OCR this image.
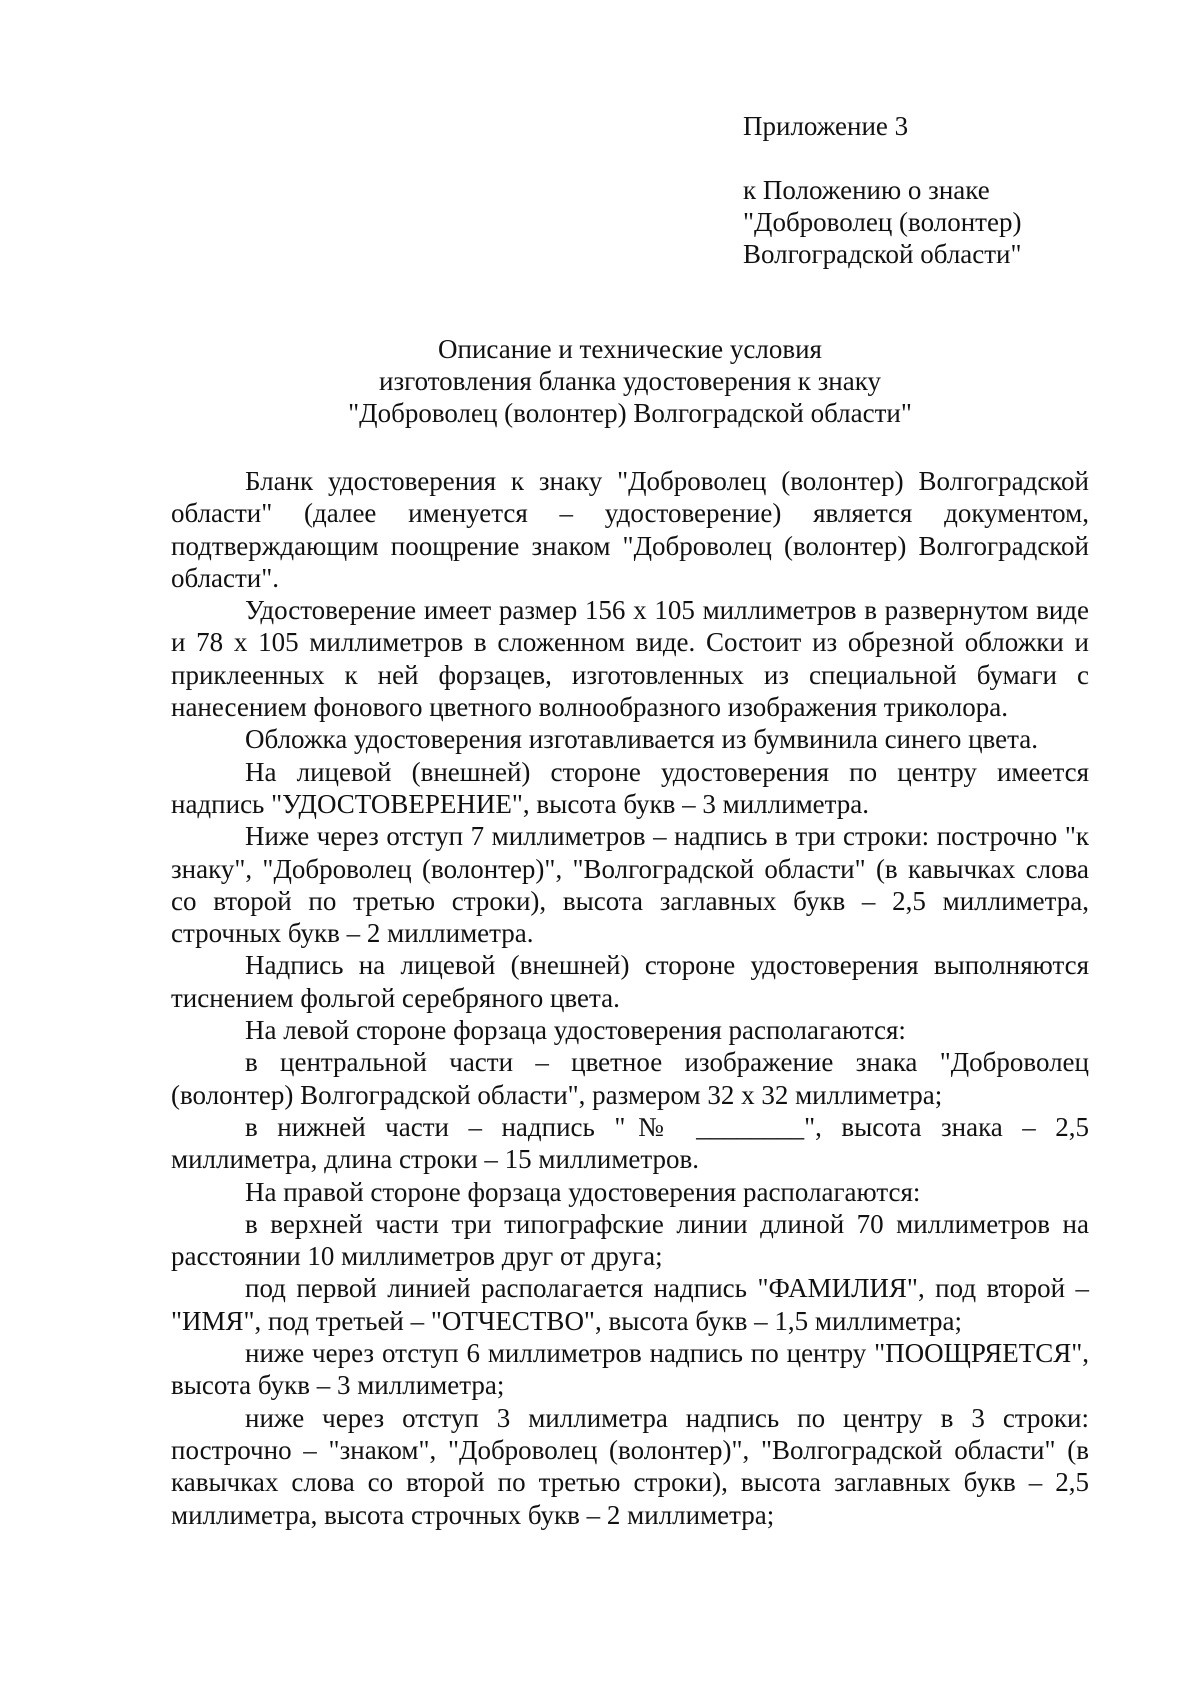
Приложение 3
к Положению о знаке
"Доброволец (волонтер)
Волгоградской области"
Описание и технические условия
изготовления бланка удостоверения к знаку
"Доброволец (волонтер) Волгоградской области"

Бланк удостоверения к знаку "Доброволец (волонтер) Волгоградской области" (далее именуется – удостоверение) является документом, подтверждающим поощрение знаком "Доброволец (волонтер) Волгоградской области".

Удостоверение имеет размер 156 х 105 миллиметров в развернутом виде и 78 х 105 миллиметров в сложенном виде. Состоит из обрезной обложки и приклеенных к ней форзацев, изготовленных из специальной бумаги с нанесением фонового цветного волнообразного изображения триколора.

Обложка удостоверения изготавливается из бумвинила синего цвета.

На лицевой (внешней) стороне удостоверения по центру имеется надпись "УДОСТОВЕРЕНИЕ", высота букв – 3 миллиметра.

Ниже через отступ 7 миллиметров – надпись в три строки: построчно "к знаку", "Доброволец (волонтер)", "Волгоградской области" (в кавычках слова со второй по третью строки), высота заглавных букв – 2,5 миллиметра, строчных букв – 2 миллиметра.

Надпись на лицевой (внешней) стороне удостоверения выполняются тиснением фольгой серебряного цвета.

На левой стороне форзаца удостоверения располагаются:

в центральной части – цветное изображение знака "Доброволец (волонтер) Волгоградской области", размером 32 х 32 миллиметра;

в нижней части – надпись "№ ________", высота знака – 2,5 миллиметра, длина строки – 15 миллиметров.

На правой стороне форзаца удостоверения располагаются:

в верхней части три типографские линии длиной 70 миллиметров на расстоянии 10 миллиметров друг от друга;

под первой линией располагается надпись "ФАМИЛИЯ", под второй – "ИМЯ", под третьей – "ОТЧЕСТВО", высота букв – 1,5 миллиметра;

ниже через отступ 6 миллиметров надпись по центру "ПООЩРЯЕТСЯ", высота букв – 3 миллиметра;

ниже через отступ 3 миллиметра надпись по центру в 3 строки: построчно – "знаком", "Доброволец (волонтер)", "Волгоградской области" (в кавычках слова со второй по третью строки), высота заглавных букв – 2,5 миллиметра, высота строчных букв – 2 миллиметра;
